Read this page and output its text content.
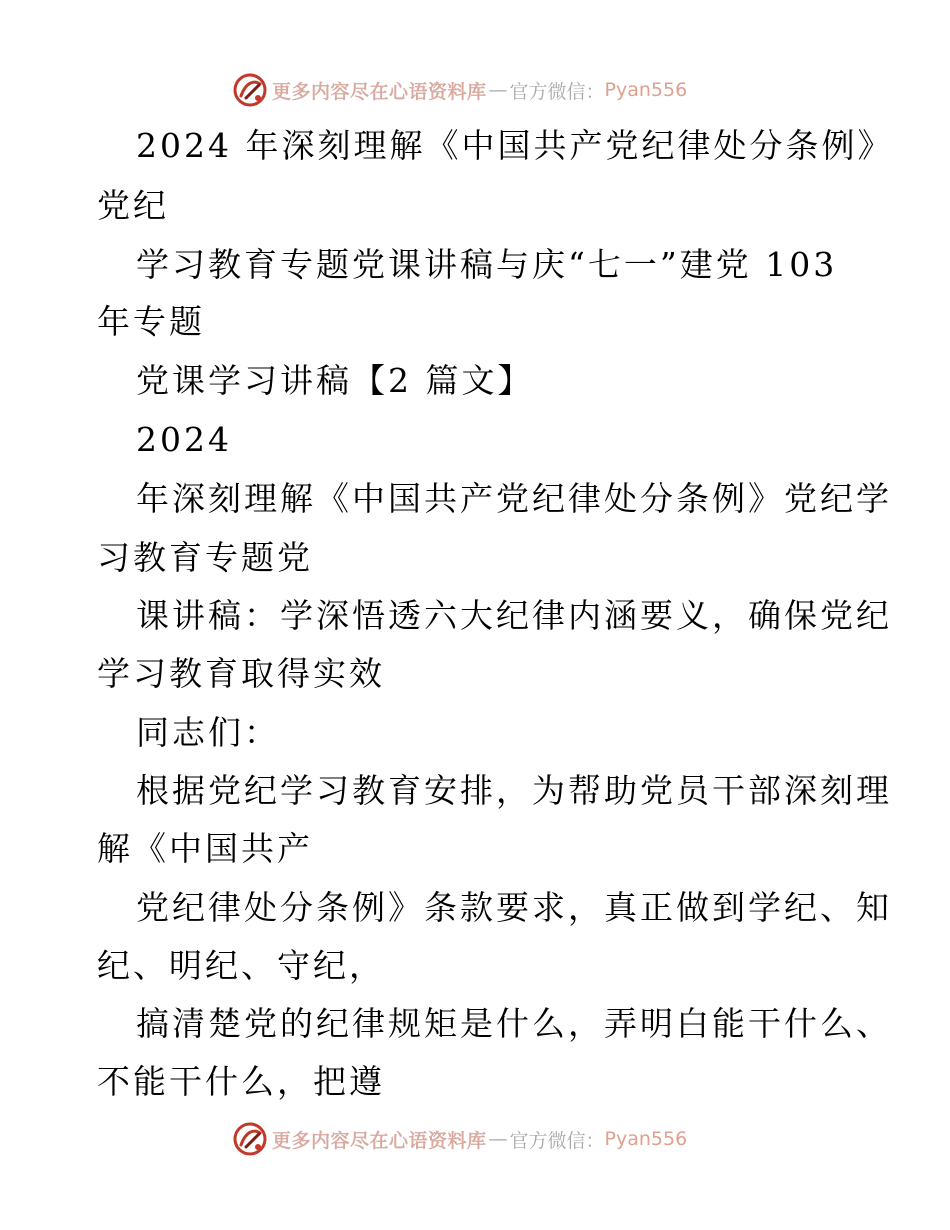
更多内容尽在心语资料库 — 官方微信： Pyan556
2024 年深刻理解《中国共产党纪律处分条例》
党纪
学习教育专题党课讲稿与庆“七一”建党 103
年专题
党课学习讲稿【2 篇文】
2024
年深刻理解《中国共产党纪律处分条例》党纪学
习教育专题党
课讲稿：学深悟透六大纪律内涵要义，确保党纪
学习教育取得实效
同志们：
根据党纪学习教育安排，为帮助党员干部深刻理
解《中国共产
党纪律处分条例》条款要求，真正做到学纪、知
纪、明纪、守纪，
搞清楚党的纪律规矩是什么，弄明白能干什么、
不能干什么，把遵
更多内容尽在心语资料库 — 官方微信： Pyan556
